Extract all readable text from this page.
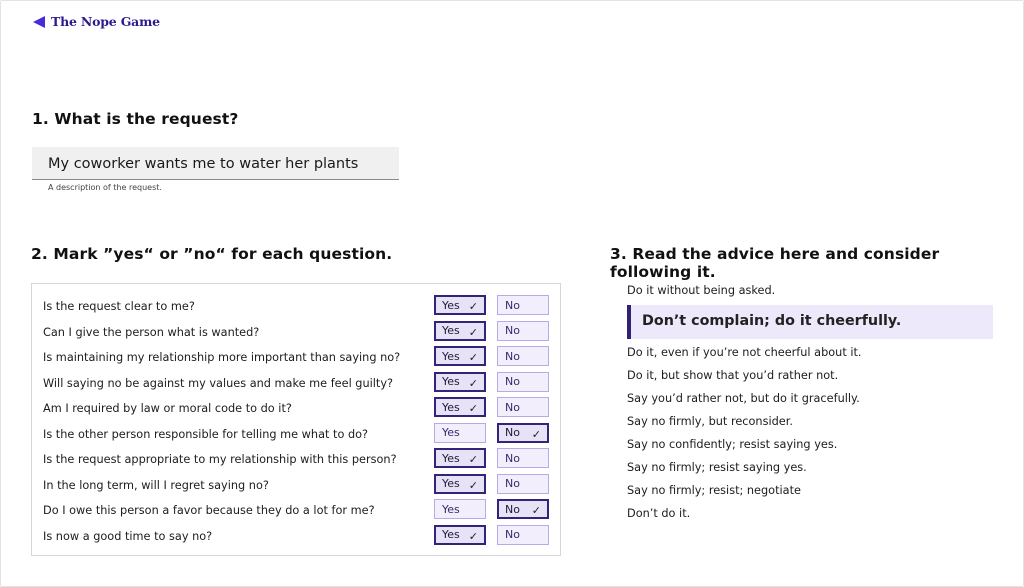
The Nope Game
1. What is the request?
My coworker wants me to water her plants
A description of the request.
2. Mark ”yes“ or ”no“ for each question.
Is the request clear to me?	Yes ✓ No
Can I give the person what is wanted?	Yes ✓ No
Is maintaining my relationship more important than saying no?	Yes ✓ No
Will saying no be against my values and make me feel guilty?	Yes ✓ No
Am I required by law or moral code to do it?	Yes ✓ No
Is the other person responsible for telling me what to do?	Yes	No ✓
Is the request appropriate to my relationship with this person?	Yes ✓ No
In the long term, will I regret saying no?	Yes ✓ No
Do I owe this person a favor because they do a lot for me?	Yes	No ✓
Is now a good time to say no?	Yes ✓ No
3. Read the advice here and consider following it.
Do it without being asked.
Don’t complain; do it cheerfully.
Do it, even if you’re not cheerful about it.
Do it, but show that you’d rather not.
Say you’d rather not, but do it gracefully.
Say no firmly, but reconsider.
Say no confidently; resist saying yes.
Say no firmly; resist saying yes.
Say no firmly; resist; negotiate
Don’t do it.
